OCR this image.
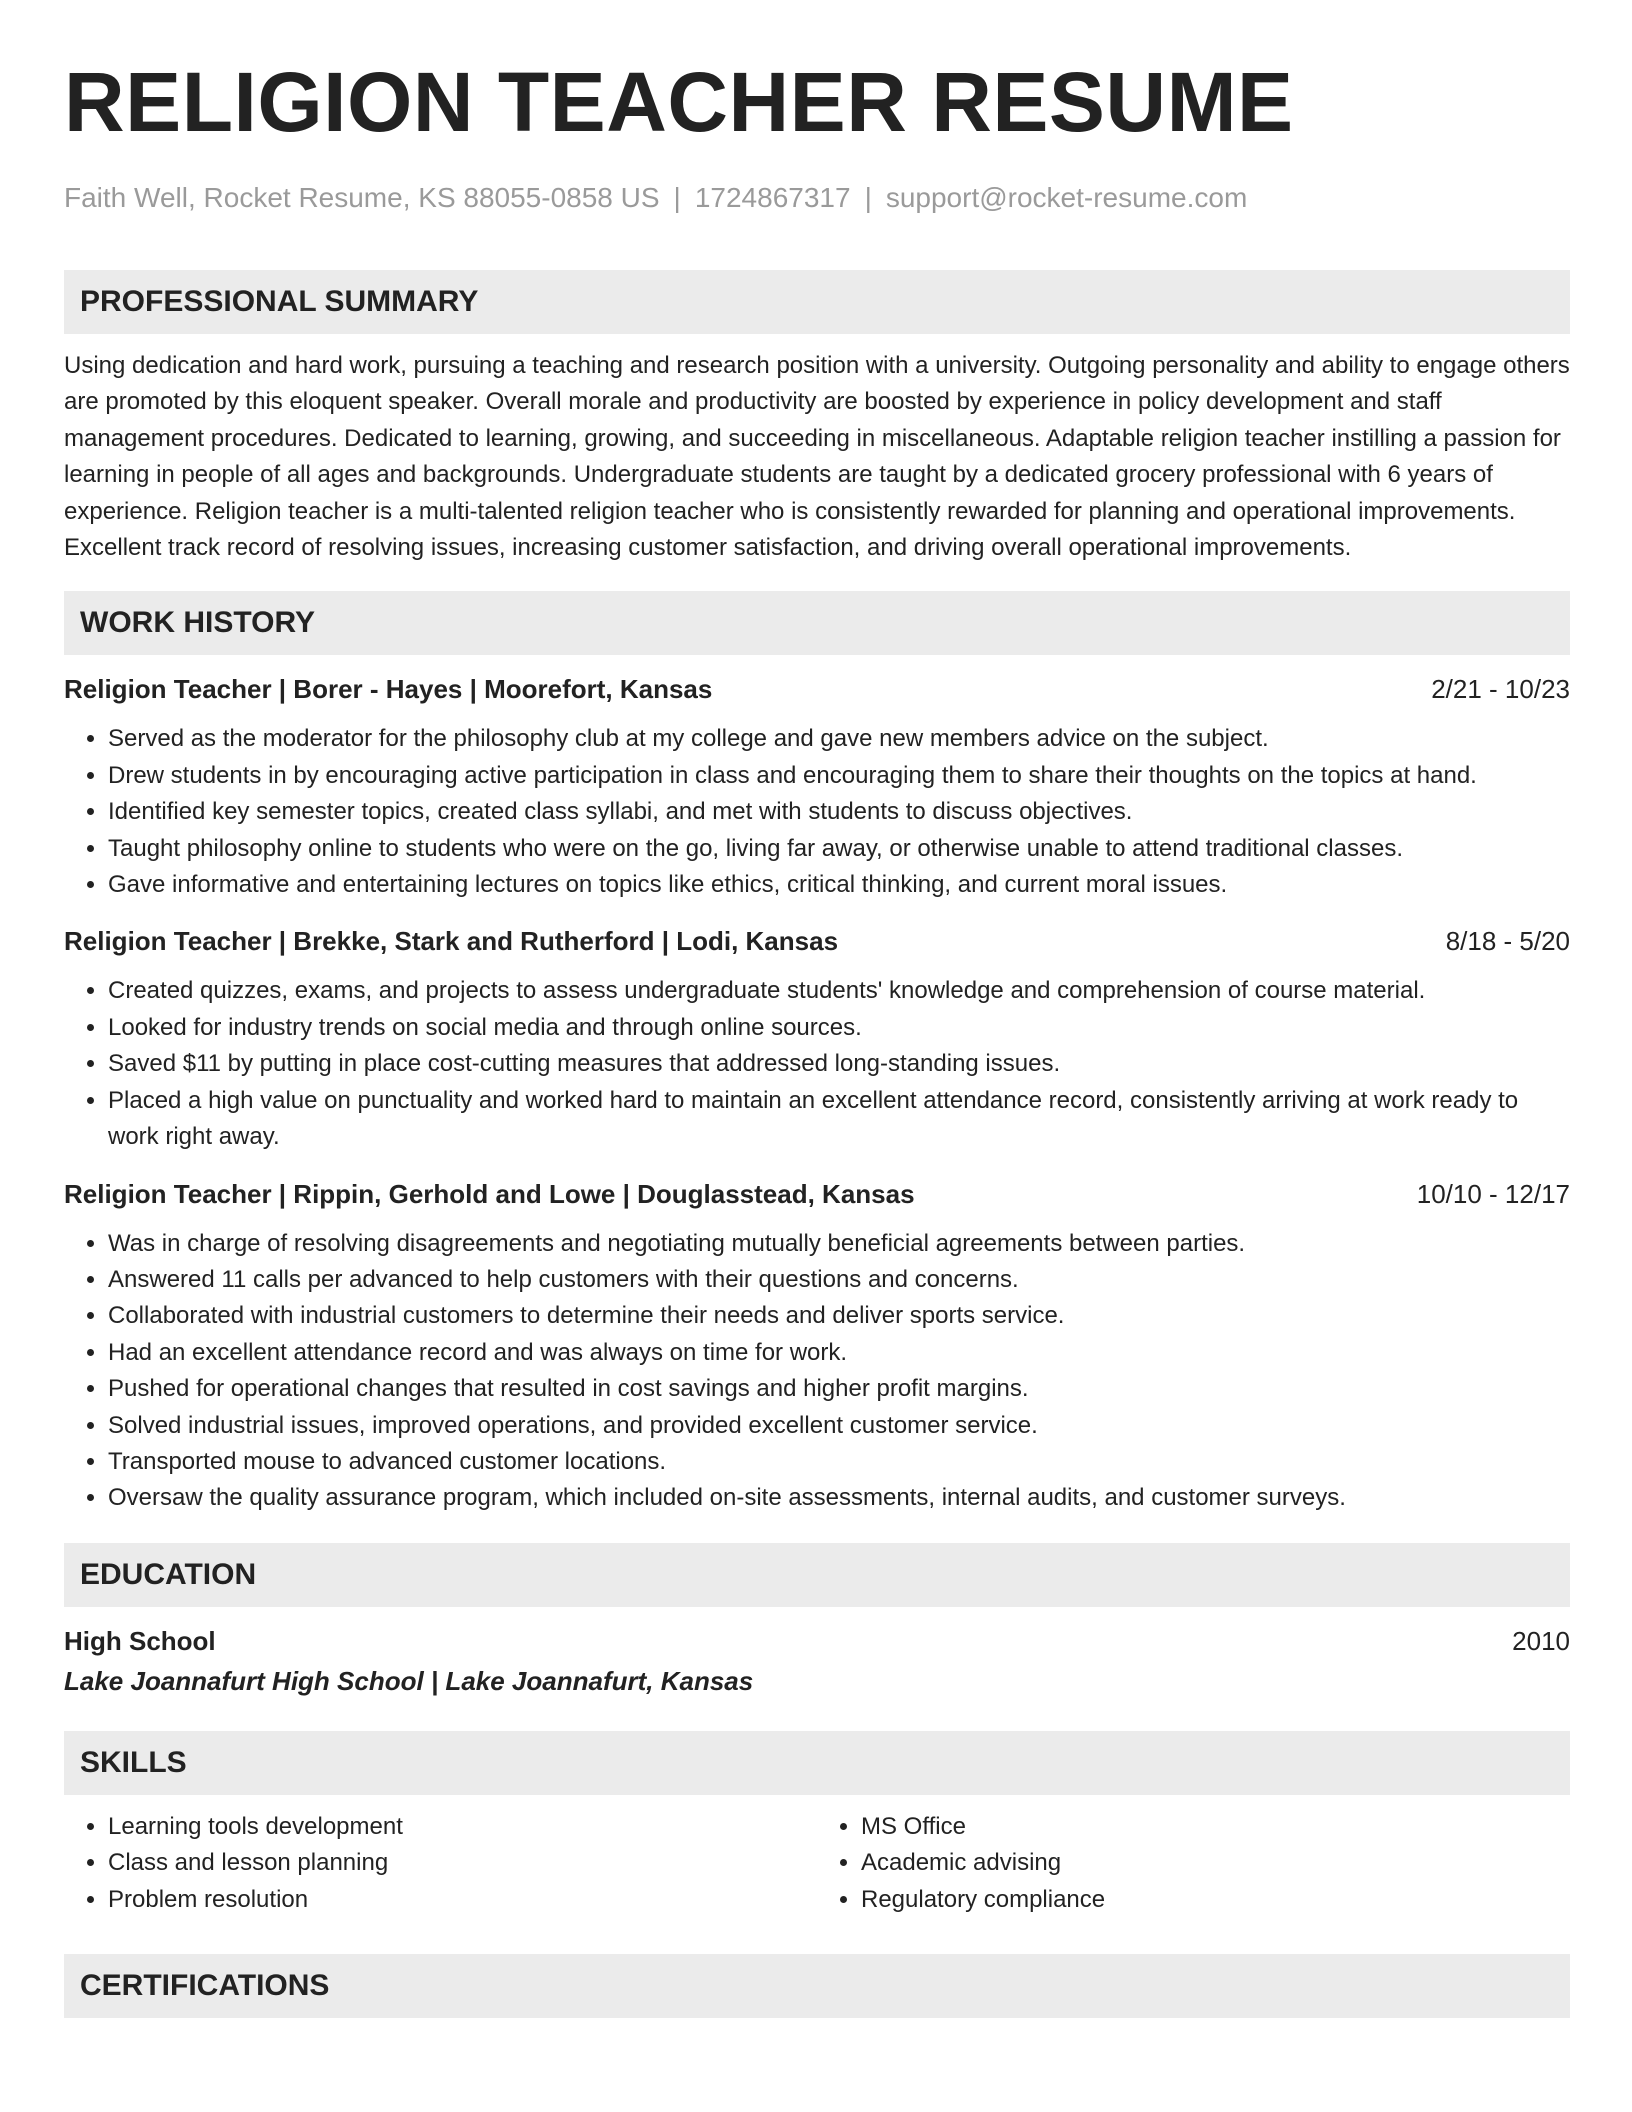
RELIGION TEACHER RESUME
Faith Well, Rocket Resume, KS 88055-0858 US | 1724867317 | support@rocket-resume.com
PROFESSIONAL SUMMARY
Using dedication and hard work, pursuing a teaching and research position with a university. Outgoing personality and ability to engage others are promoted by this eloquent speaker. Overall morale and productivity are boosted by experience in policy development and staff management procedures. Dedicated to learning, growing, and succeeding in miscellaneous. Adaptable religion teacher instilling a passion for learning in people of all ages and backgrounds. Undergraduate students are taught by a dedicated grocery professional with 6 years of experience. Religion teacher is a multi-talented religion teacher who is consistently rewarded for planning and operational improvements. Excellent track record of resolving issues, increasing customer satisfaction, and driving overall operational improvements.
WORK HISTORY
Religion Teacher | Borer - Hayes | Moorefort, Kansas	2/21 - 10/23
• Served as the moderator for the philosophy club at my college and gave new members advice on the subject.
• Drew students in by encouraging active participation in class and encouraging them to share their thoughts on the topics at hand.
• Identified key semester topics, created class syllabi, and met with students to discuss objectives.
• Taught philosophy online to students who were on the go, living far away, or otherwise unable to attend traditional classes.
• Gave informative and entertaining lectures on topics like ethics, critical thinking, and current moral issues.
Religion Teacher | Brekke, Stark and Rutherford | Lodi, Kansas	8/18 - 5/20
• Created quizzes, exams, and projects to assess undergraduate students' knowledge and comprehension of course material.
• Looked for industry trends on social media and through online sources.
• Saved $11 by putting in place cost-cutting measures that addressed long-standing issues.
• Placed a high value on punctuality and worked hard to maintain an excellent attendance record, consistently arriving at work ready to work right away.
Religion Teacher | Rippin, Gerhold and Lowe | Douglasstead, Kansas	10/10 - 12/17
• Was in charge of resolving disagreements and negotiating mutually beneficial agreements between parties.
• Answered 11 calls per advanced to help customers with their questions and concerns.
• Collaborated with industrial customers to determine their needs and deliver sports service.
• Had an excellent attendance record and was always on time for work.
• Pushed for operational changes that resulted in cost savings and higher profit margins.
• Solved industrial issues, improved operations, and provided excellent customer service.
• Transported mouse to advanced customer locations.
• Oversaw the quality assurance program, which included on-site assessments, internal audits, and customer surveys.
EDUCATION
High School	2010
Lake Joannafurt High School | Lake Joannafurt, Kansas
SKILLS
• Learning tools development
• Class and lesson planning
• Problem resolution
• MS Office
• Academic advising
• Regulatory compliance
CERTIFICATIONS
